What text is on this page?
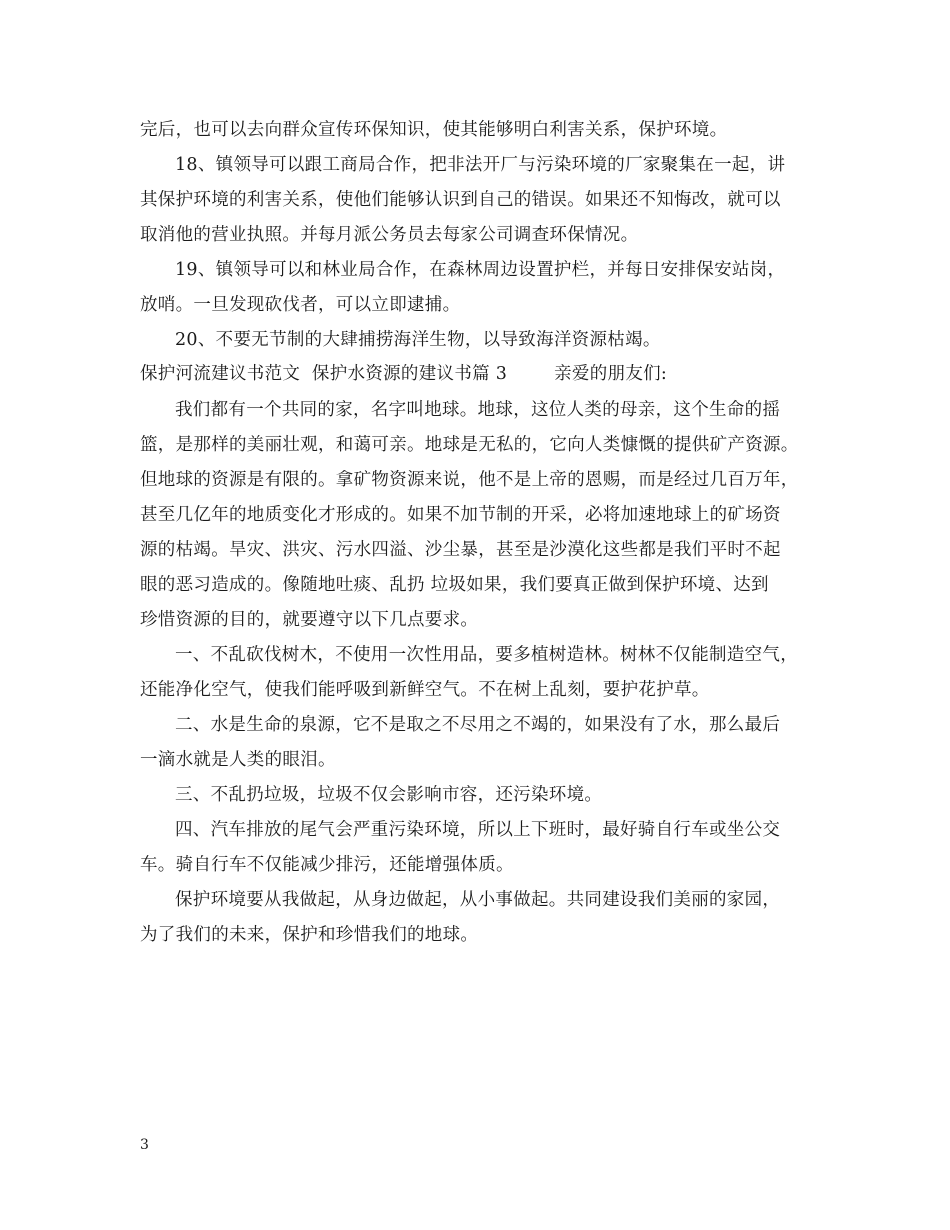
完后，也可以去向群众宣传环保知识，使其能够明白利害关系，保护环境。
18、镇领导可以跟工商局合作，把非法开厂与污染环境的厂家聚集在一起，讲
其保护环境的利害关系，使他们能够认识到自己的错误。如果还不知悔改，就可以
取消他的营业执照。并每月派公务员去每家公司调查环保情况。
19、镇领导可以和林业局合作，在森林周边设置护栏，并每日安排保安站岗，
放哨。一旦发现砍伐者，可以立即逮捕。
20、不要无节制的大肆捕捞海洋生物，以导致海洋资源枯竭。
保护河流建议书范文  保护水资源的建议书篇 3        亲爱的朋友们:
我们都有一个共同的家，名字叫地球。地球，这位人类的母亲，这个生命的摇
篮，是那样的美丽壮观，和蔼可亲。地球是无私的，它向人类慷慨的提供矿产资源。
但地球的资源是有限的。拿矿物资源来说，他不是上帝的恩赐，而是经过几百万年，
甚至几亿年的地质变化才形成的。如果不加节制的开采，必将加速地球上的矿场资
源的枯竭。旱灾、洪灾、污水四溢、沙尘暴，甚至是沙漠化这些都是我们平时不起
眼的恶习造成的。像随地吐痰、乱扔 垃圾如果，我们要真正做到保护环境、达到
珍惜资源的目的，就要遵守以下几点要求。
一、不乱砍伐树木，不使用一次性用品，要多植树造林。树林不仅能制造空气，
还能净化空气，使我们能呼吸到新鲜空气。不在树上乱刻，要护花护草。
二、水是生命的泉源，它不是取之不尽用之不竭的，如果没有了水，那么最后
一滴水就是人类的眼泪。
三、不乱扔垃圾，垃圾不仅会影响市容，还污染环境。
四、汽车排放的尾气会严重污染环境，所以上下班时，最好骑自行车或坐公交
车。骑自行车不仅能减少排污，还能增强体质。
保护环境要从我做起，从身边做起，从小事做起。共同建设我们美丽的家园，
为了我们的未来，保护和珍惜我们的地球。
3
